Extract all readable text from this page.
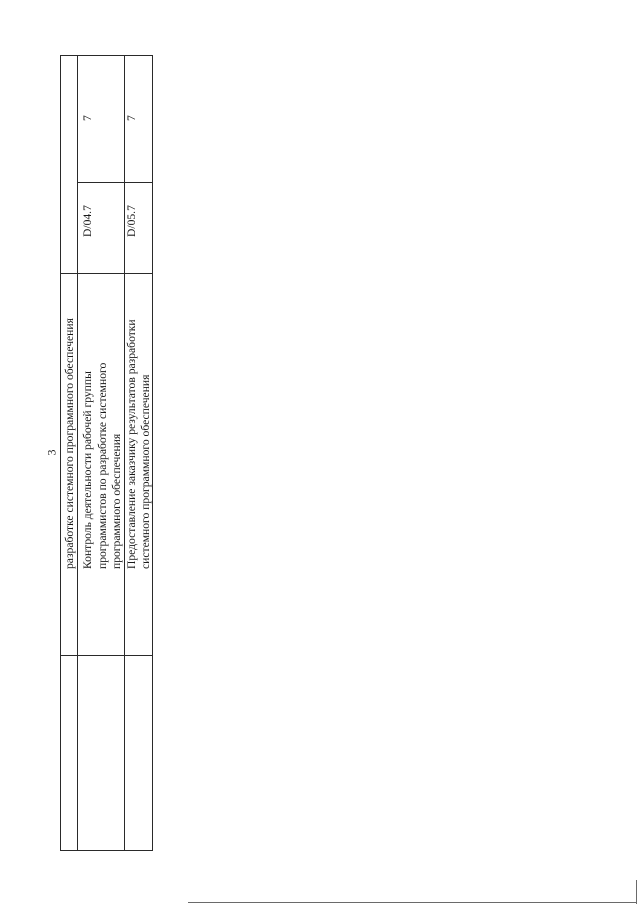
3 разработке системного программного обеспечения Контроль деятельности рабочей группы программистов по разработке системного программного обеспечения
D/04.7
7
Предоставление заказчику результатов разработки системного программного обеспечения
D/05.7
7
